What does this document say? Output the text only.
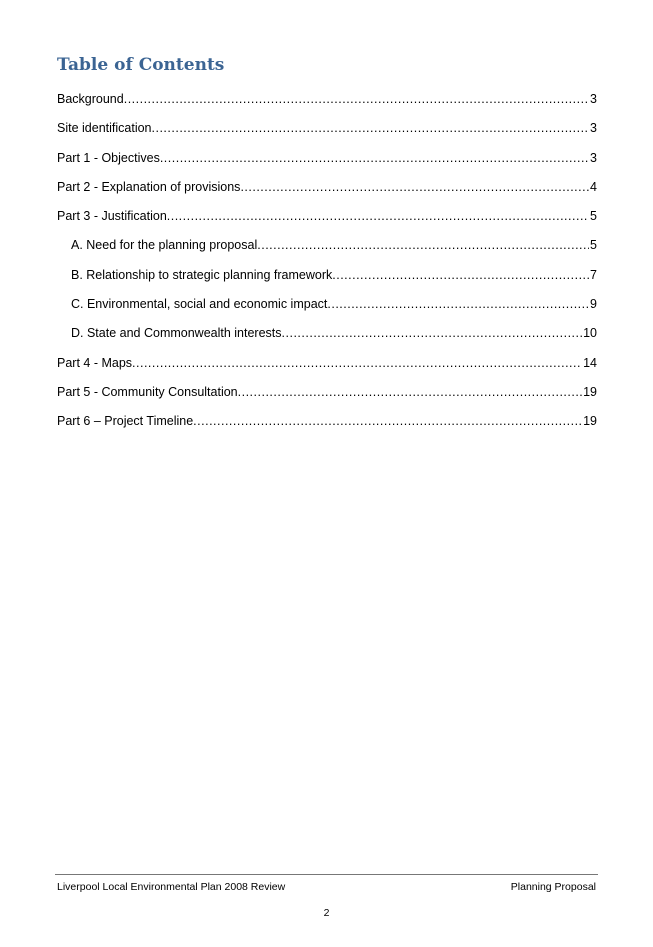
Table of Contents
Background .....	3
Site identification .....	3
Part 1 - Objectives .....	3
Part 2 - Explanation of provisions .....	4
Part 3 - Justification .....	5
A. Need for the planning proposal .....	5
B. Relationship to strategic planning framework .....	7
C. Environmental, social and economic impact .....	9
D. State and Commonwealth interests .....	10
Part 4 - Maps .....	14
Part 5 - Community Consultation .....	19
Part 6 – Project Timeline .....	19
Liverpool Local Environmental Plan 2008 Review	Planning Proposal
2
